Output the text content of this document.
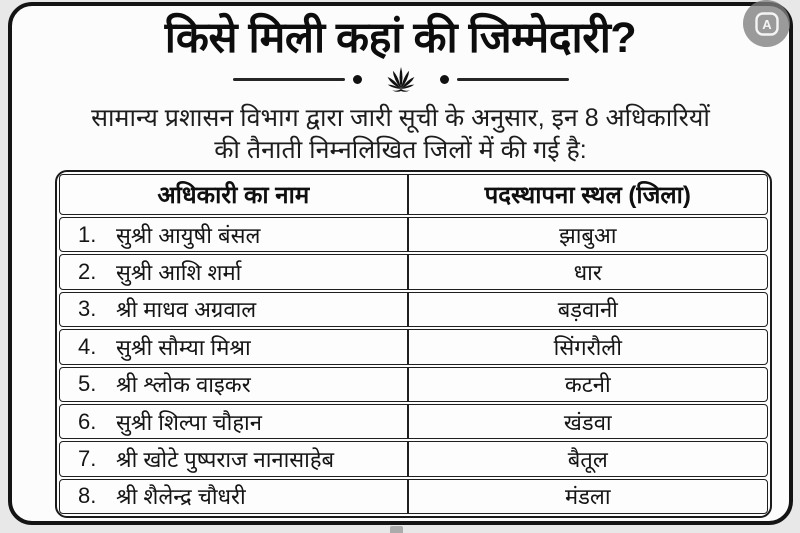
किसे मिली कहां की जिम्मेदारी?
सामान्य प्रशासन विभाग द्वारा जारी सूची के अनुसार, इन 8 अधिकारियों
की तैनाती निम्नलिखित जिलों में की गई है:
अधिकारी का नाम	पदस्थापना स्थल (जिला)
1. सुश्री आयुषी बंसल	झाबुआ
2. सुश्री आशि शर्मा	धार
3. श्री माधव अग्रवाल	बड़वानी
4. सुश्री सौम्या मिश्रा	सिंगरौली
5. श्री श्लोक वाइकर	कटनी
6. सुश्री शिल्पा चौहान	खंडवा
7. श्री खोटे पुष्पराज नानासाहेब	बैतूल
8. श्री शैलेन्द्र चौधरी	मंडला
A
